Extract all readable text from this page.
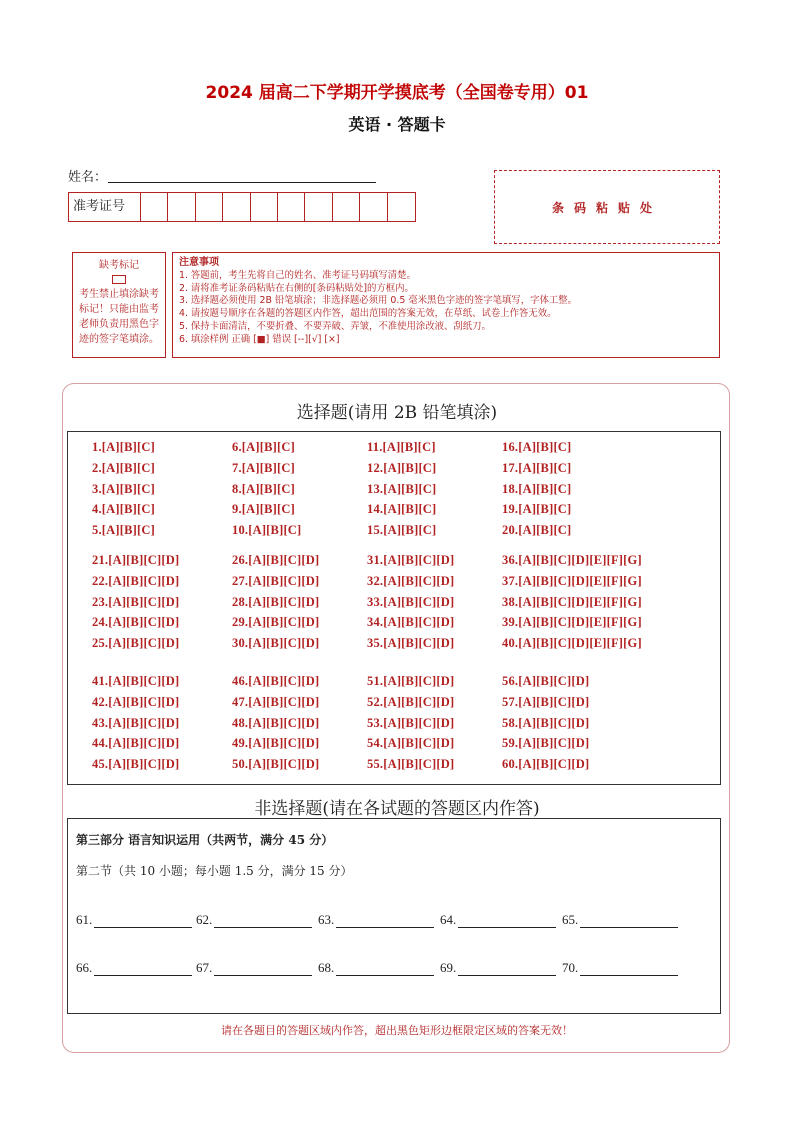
2024 届高二下学期开学摸底考（全国卷专用）01
英语 · 答题卡
姓名：
准考证号	条码粘贴处
缺考标记
考生禁止填涂缺考标记！只能由监考老师负责用黑色字迹的签字笔填涂。
注意事项
1. 答题前，考生先将自己的姓名、准考证号码填写清楚。
2. 请将准考证条码粘贴在右侧的[条码粘贴处]的方框内。
3. 选择题必须使用 2B 铅笔填涂；非选择题必须用 0.5 毫米黑色字迹的签字笔填写，字体工整。
4. 请按题号顺序在各题的答题区内作答，超出范围的答案无效，在草纸、试卷上作答无效。
5. 保持卡面清洁，不要折叠、不要弄破、弄皱，不准使用涂改液、刮纸刀。
6. 填涂样例 正确 [■] 错误 [--][√] [×]
选择题(请用 2B 铅笔填涂)
1.[A][B][C]
2.[A][B][C]
3.[A][B][C]
4.[A][B][C]
5.[A][B][C]
6.[A][B][C]
7.[A][B][C]
8.[A][B][C]
9.[A][B][C]
10.[A][B][C]
11.[A][B][C]
12.[A][B][C]
13.[A][B][C]
14.[A][B][C]
15.[A][B][C]
16.[A][B][C]
17.[A][B][C]
18.[A][B][C]
19.[A][B][C]
20.[A][B][C]
21.[A][B][C][D]
22.[A][B][C][D]
23.[A][B][C][D]
24.[A][B][C][D]
25.[A][B][C][D]
26.[A][B][C][D]
27.[A][B][C][D]
28.[A][B][C][D]
29.[A][B][C][D]
30.[A][B][C][D]
31.[A][B][C][D]
32.[A][B][C][D]
33.[A][B][C][D]
34.[A][B][C][D]
35.[A][B][C][D]
36.[A][B][C][D][E][F][G]
37.[A][B][C][D][E][F][G]
38.[A][B][C][D][E][F][G]
39.[A][B][C][D][E][F][G]
40.[A][B][C][D][E][F][G]
41.[A][B][C][D]
42.[A][B][C][D]
43.[A][B][C][D]
44.[A][B][C][D]
45.[A][B][C][D]
46.[A][B][C][D]
47.[A][B][C][D]
48.[A][B][C][D]
49.[A][B][C][D]
50.[A][B][C][D]
51.[A][B][C][D]
52.[A][B][C][D]
53.[A][B][C][D]
54.[A][B][C][D]
55.[A][B][C][D]
56.[A][B][C][D]
57.[A][B][C][D]
58.[A][B][C][D]
59.[A][B][C][D]
60.[A][B][C][D]
非选择题(请在各试题的答题区内作答)
第三部分 语言知识运用（共两节，满分 45 分）
第二节（共 10 小题；每小题 1.5 分，满分 15 分）
61.	62.	63.	64.	65.
66.	67.	68.	69.	70.
请在各题目的答题区域内作答，超出黑色矩形边框限定区域的答案无效！
